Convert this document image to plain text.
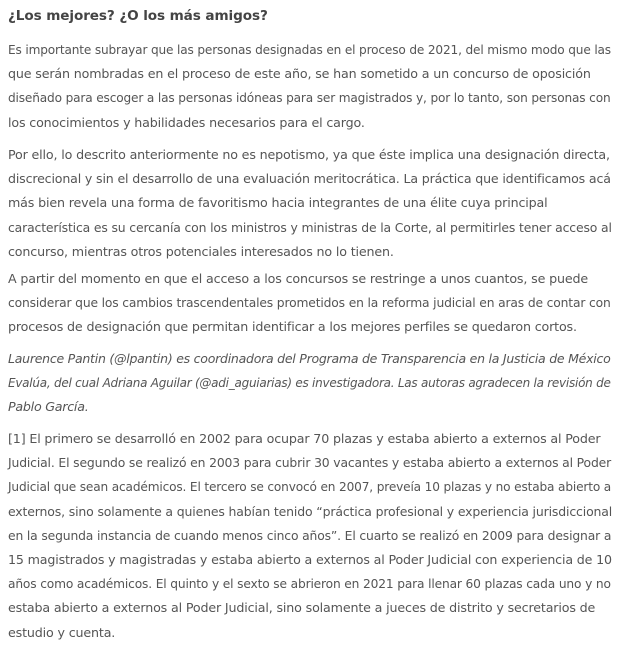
¿Los mejores? ¿O los más amigos?

Es importante subrayar que las personas designadas en el proceso de 2021, del mismo modo que las
que serán nombradas en el proceso de este año, se han sometido a un concurso de oposición
diseñado para escoger a las personas idóneas para ser magistrados y, por lo tanto, son personas con
los conocimientos y habilidades necesarios para el cargo.

Por ello, lo descrito anteriormente no es nepotismo, ya que éste implica una designación directa,
discrecional y sin el desarrollo de una evaluación meritocrática. La práctica que identificamos acá
más bien revela una forma de favoritismo hacia integrantes de una élite cuya principal
característica es su cercanía con los ministros y ministras de la Corte, al permitirles tener acceso al
concurso, mientras otros potenciales interesados no lo tienen.

A partir del momento en que el acceso a los concursos se restringe a unos cuantos, se puede
considerar que los cambios trascendentales prometidos en la reforma judicial en aras de contar con
procesos de designación que permitan identificar a los mejores perfiles se quedaron cortos.

Laurence Pantin (@lpantin) es coordinadora del Programa de Transparencia en la Justicia de México
Evalúa, del cual Adriana Aguilar (@adi_aguiarias) es investigadora. Las autoras agradecen la revisión de
Pablo García.

[1] El primero se desarrolló en 2002 para ocupar 70 plazas y estaba abierto a externos al Poder
Judicial. El segundo se realizó en 2003 para cubrir 30 vacantes y estaba abierto a externos al Poder
Judicial que sean académicos. El tercero se convocó en 2007, preveía 10 plazas y no estaba abierto a
externos, sino solamente a quienes habían tenido “práctica profesional y experiencia jurisdiccional
en la segunda instancia de cuando menos cinco años”. El cuarto se realizó en 2009 para designar a
15 magistrados y magistradas y estaba abierto a externos al Poder Judicial con experiencia de 10
años como académicos. El quinto y el sexto se abrieron en 2021 para llenar 60 plazas cada uno y no
estaba abierto a externos al Poder Judicial, sino solamente a jueces de distrito y secretarios de
estudio y cuenta.
